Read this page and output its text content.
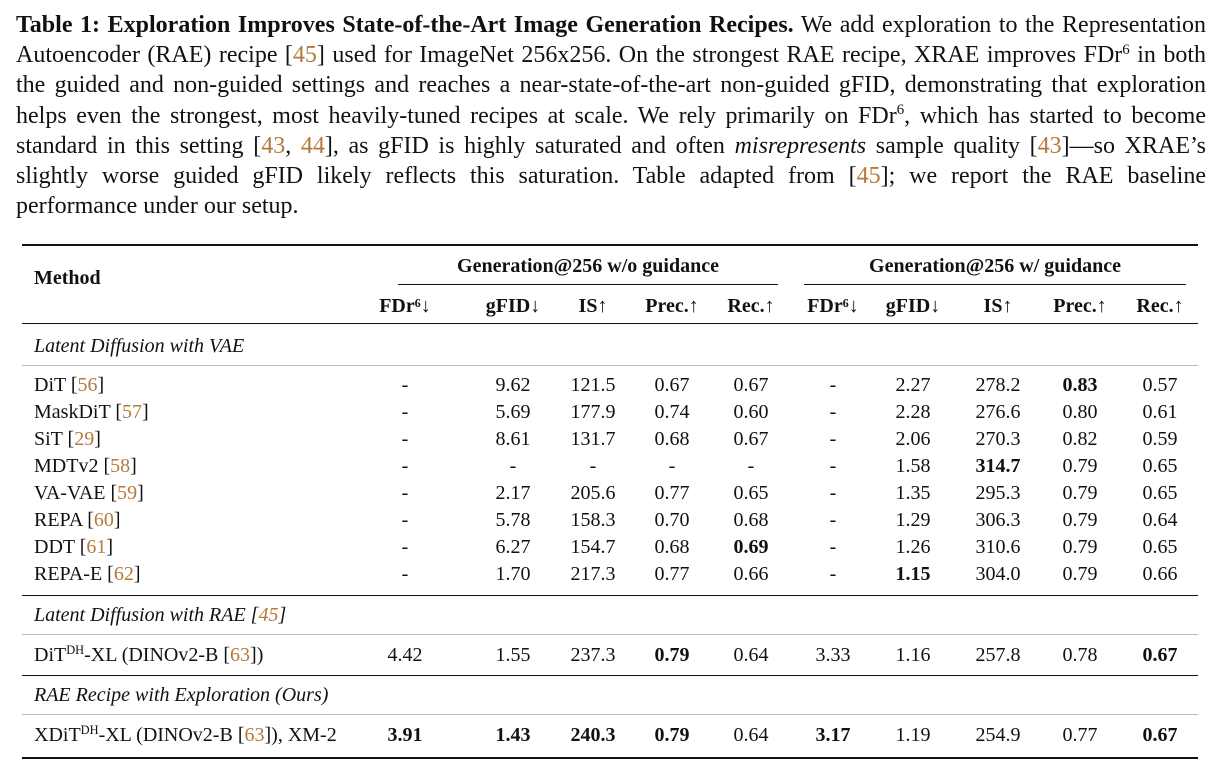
Table 1: Exploration Improves State-of-the-Art Image Generation Recipes. We add exploration to the Representation Autoencoder (RAE) recipe [45] used for ImageNet 256x256. On the strongest RAE recipe, XRAE improves FDr$^6$ in both the guided and non-guided settings and reaches a near-state-of-the-art non-guided gFID, demonstrating that exploration helps even the strongest, most heavily-tuned recipes at scale. We rely primarily on FDr$^6$, which has started to become standard in this setting [43, 44], as gFID is highly saturated and often misrepresents sample quality [43]—so XRAE’s slightly worse guided gFID likely reflects this saturation. Table adapted from [45]; we report the RAE baseline performance under our setup.
Method
Generation@256 w/o guidance	Generation@256 w/ guidance
FDr⁶↓	gFID↓	IS↑	Prec.↑	Rec.↑	FDr⁶↓	gFID↓	IS↑	Prec.↑	Rec.↑
Latent Diffusion with VAE
DiT [56]	-	9.62	121.5	0.67	0.67	-	2.27	278.2	0.83	0.57
MaskDiT [57]	-	5.69	177.9	0.74	0.60	-	2.28	276.6	0.80	0.61
SiT [29]	-	8.61	131.7	0.68	0.67	-	2.06	270.3	0.82	0.59
MDTv2 [58]	-	-	-	-	-	-	1.58	314.7	0.79	0.65
VA-VAE [59]	-	2.17	205.6	0.77	0.65	-	1.35	295.3	0.79	0.65
REPA [60]	-	5.78	158.3	0.70	0.68	-	1.29	306.3	0.79	0.64
DDT [61]	-	6.27	154.7	0.68	0.69	-	1.26	310.6	0.79	0.65
REPA-E [62]	-	1.70	217.3	0.77	0.66	-	1.15	304.0	0.79	0.66
Latent Diffusion with RAE [45]
DiT$^{DH}$-XL (DINOv2-B [63])	4.42	1.55	237.3	0.79	0.64	3.33	1.16	257.8	0.78	0.67
RAE Recipe with Exploration (Ours)
XDiT$^{DH}$-XL (DINOv2-B [63]), XM-2	3.91	1.43	240.3	0.79	0.64	3.17	1.19	254.9	0.77	0.67
